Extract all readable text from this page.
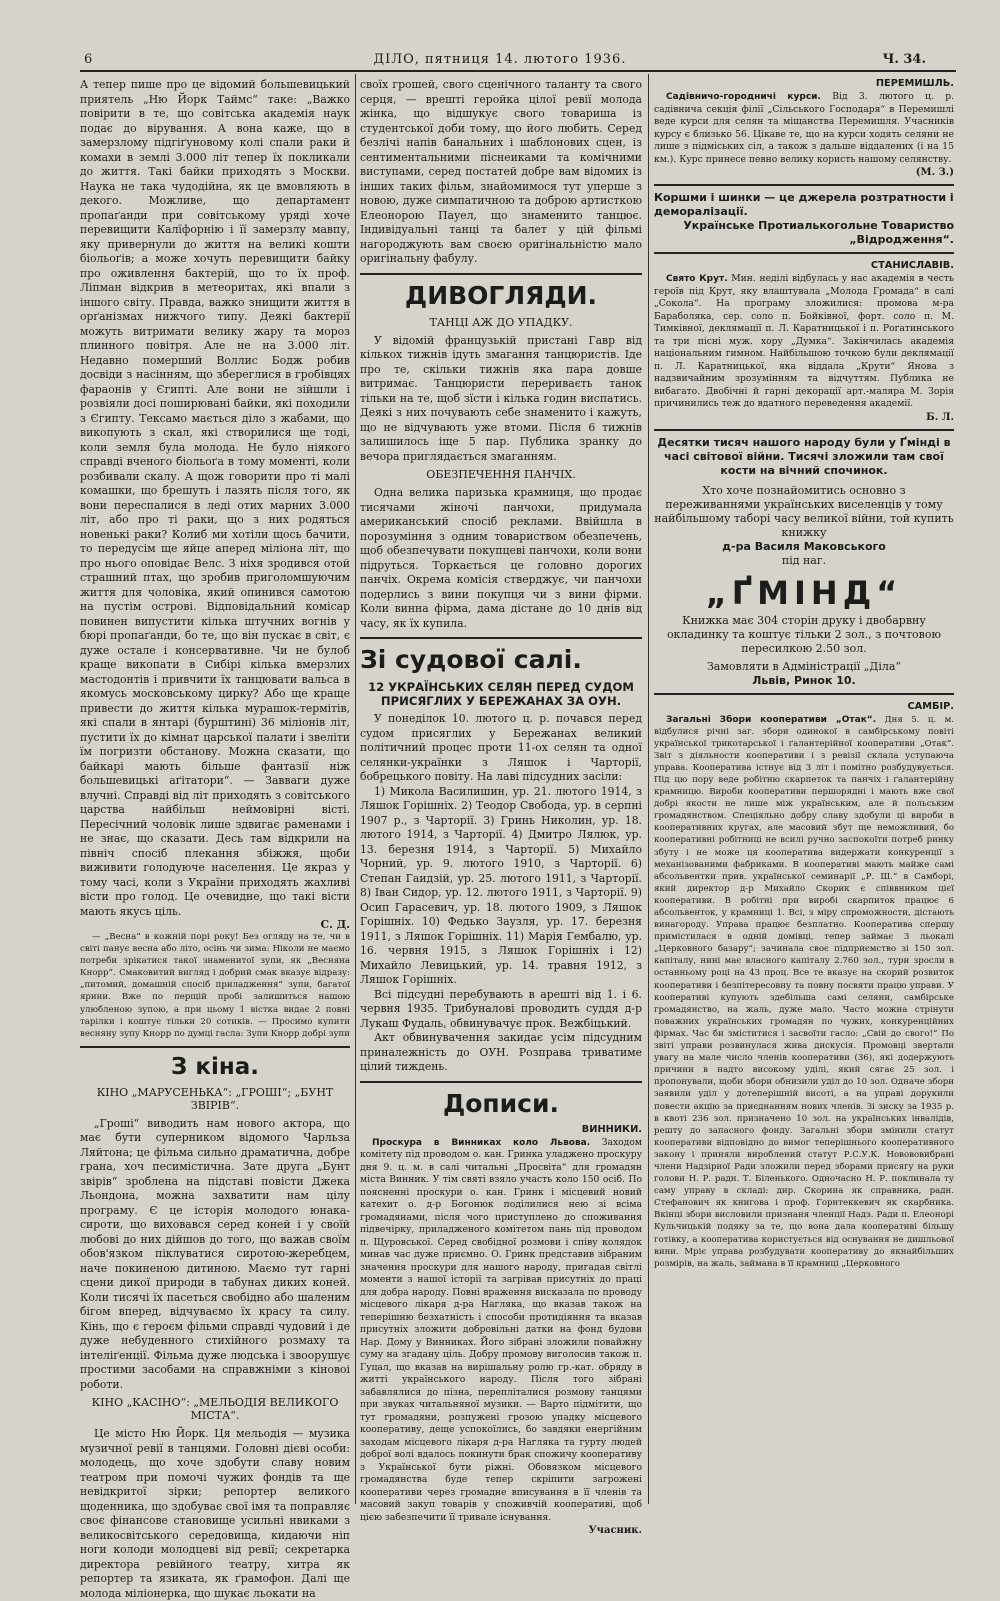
6	ДІЛО, пятниця 14. лютого 1936.	Ч. 34.

А тепер пише про це відомий большевицький приятель „Ню Йорк Таймс“ таке: „Важко повірити в те, що совітська академія наук подає до вірування. А вона каже, що в замерзлому підгіґуновому колі спали раки й комахи в землі 3.000 літ тепер їх покликали до життя. Такі байки приходять з Москви. Наука не така чудодійна, як це вмовляють в декого. Можливе, що департамент пропаґанди при совітському уряді хоче перевищити Калїфорнію і її замерзлу мавпу, яку привернули до життя на великі кошти біольоґів; а може хочуть перевищити байку про оживлення бактерій, що то їх проф. Ліпман відкрив в метеоритах, які впали з іншого світу. Правда, важко знищити життя в орґанізмах нижчого типу. Деякі бактерії можуть витримати велику жару та мороз плинного повітря. Але не на 3.000 літ. Недавно померший Воллис Бодж робив досвіди з насінням, що збереглися в гробівцях фараонів у Єгипті. Але вони не зійшли і розвіяли досі поширювані байки, які походили з Єгипту. Тексамо мається діло з жабами, що викопують з скал, які створилися ще тоді, коли земля була молода. Не було ніякого справді вченого біольоґа в тому моменті, коли розбивали скалу. А щож говорити про ті малі комашки, що брешуть і лазять після того, як вони переспалися в леді отих марних 3.000 літ, або про ті раки, що з них родяться новенькі раки? Колиб ми хотіли щось бачити, то передусім ще яйце аперед міліона літ, що про нього оповідає Велс. З ніхя зродився отой страшний птах, що зробив приголомшуючим життя для чоловіка, який опинився самотою на пустім острові. Відповідальний комісар повинен випустити кілька штучних вогнів у бюрі пропаґанди, бо те, що він пускає в світ, є дуже остале і консервативне. Чи не булоб краще викопати в Сибірі кілька вмерзлих мастодонтів і привчити їх танцювати вальса в якомусь московському цирку? Або ще краще привести до життя кілька мурашок-термітів, які спали в янтарі (бурштині) 36 міліонів літ, пустити їх до кімнат царської палати і звеліти їм погризти обстанову. Можна сказати, що байкарі мають більше фантазії ніж большевицькі аґітатори“. — Завваги дуже влучні. Справді від літ приходять з совітського царства найбільш неймовірні вісті. Пересічний чоловік лише здвигає раменами і не знає, що сказати. Десь там відкрили на північ спосіб плекання збіжжя, щоби виживити голодуюче населення. Це якраз у тому часі, коли з України приходять жахливі вісти про голод. Це очевидне, що такі вісти мають якусь ціль.

С. Д.

— „Весна“ в кожній порі року! Без огляду на те, чи в світі панує весна або літо, осінь чи зима: Ніколи не маємо потреби зрікатися такої знаменитої зупи, як „Весняна Кнорр“. Смаковитий вигляд і добрий смак вказує відразу: „питомий, домашній спосіб приладження“ зупи, багатої ярини. Вже по перщій пробі залишиться нашою улюбленою зупою, а при цьому 1 вістка видає 2 повні тарілки і коштує тільки 20 сотиків. — Просимо купити весняну зупу Кнорр по думці гасла: Зупи Кнорр добрі зупи

З кіна.
КІНО „МАРУСЕНЬКА“: „ГРОШІ“; „БУНТ ЗВІРІВ“.

„Гроші“ виводить нам нового актора, що має бути суперником відомого Чарльза Ляйтона; це фільма сильно драматична, добре грана, хоч песимістична. Зате друга „Бунт звірів“ зроблена на підставі повісти Джека Льондона, можна захватити нам цілу програму. Є це історія молодого юнака-сироти, що виховався серед коней і у своїй любові до них дійшов до того, що важав своїм обов'язком піклуватися сиротою-жеребцем, наче покиненою дитиною. Маємо тут гарні сцени дикої природи в табунах диких коней. Коли тисячі їх пасеться свобідно або шаленим бігом вперед, відчуваємо їх красу та силу. Кінь, що є героєм фільми справді чудовий і де дуже небуденного стихійного розмаху та інтеліґенції. Фільма дуже людська і звоорушує простими засобами на справжніми з кіновоі роботи.

КІНО „КАСІНО“: „МЕЛЬОДІЯ ВЕЛИКОГО МІСТА“.

Це місто Ню Йорк. Ця мельодія — музика музичної ревії в танцями. Головні дієві особи: молодець, що хоче здобути славу новим театром при помочі чужих фондів та ще невідкритої зірки; репортер великого щоденника, що здобуває свої імя та поправляє своє фінансове становище усильні нвиками з великосвітського середовища, кидаючи ніп ноги колоди молодцеві від ревії; секретарка директора ревійного театру, хитра як репортер та язиката, як ґрамофон. Далі ще молода міліонерка, що шукає льокати на

своїх грошей, свого сценічного таланту та свого серця, — врешті геройка цілої ревії молода жінка, що відшукує свого товариша із студентської доби тому, що його любить. Серед безлічі напів банальних і шаблонових сцен, із сентиментальними піснеиками та комічними виступами, серед постатей добре вам відомих із інших таких фільм, знайомимося тут уперше з новою, дуже симпатичною та доброю артисткою Елеонорою Пауел, що знаменито танцює. Індивідуальні танці та балет у цій фільмі нагороджують вам своєю оригінальністю мало оригінальну фабулу.

ДИВОГЛЯДИ.
ТАНЦІ АЖ ДО УПАДКУ.

У відомій французькій пристані Гавр від кількох тижнів ідуть змагання танцюристів. Іде про те, скільки тижнів яка пара довше витримає. Танцюристи перериваєть танок тільки на те, щоб зїсти і кілька годин виспатись. Деякі з них почувають себе знаменито і кажуть, що не відчувають уже втоми. Після 6 тижнів залишилось іще 5 пар. Публика зранку до вечора приглядається змаганням.

ОБЕЗПЕЧЕННЯ ПАНЧІХ.

Одна велика паризька крамниця, що продає тисячами жіночі панчохи, придумала американський спосіб реклами. Ввійшла в порозуміння з одним товариством обезпечень, щоб обезпечувати покупцеві панчохи, коли вони підруться. Торкається це головно дорогих панчіх. Окрема комісія стверджує, чи панчохи подерлись з вини покупця чи з вини фірми. Коли винна фірма, дама дістане до 10 днів від часу, як їх купила.

Зі судової салі.
12 УКРАЇНСЬКИХ СЕЛЯН ПЕРЕД СУДОМ ПРИСЯГЛИХ У БЕРЕЖАНАХ ЗА ОУН.

У понеділок 10. лютого ц. р. почався перед судом присяглих у Бережанах великий політичний процес проти 11-ох селян та одної селянки-українки з Ляшок і Чарторії, бобрецького повіту. На лаві підсудних засіли:

1) Микола Василишин, ур. 21. лютого 1914, з Ляшок Горішніх. 2) Теодор Свобода, ур. в серпні 1907 р., з Чарторії. 3) Гринь Николин, ур. 18. лютого 1914, з Чарторії. 4) Дмитро Лялюк, ур. 13. березня 1914, з Чарторії. 5) Михайло Чорний, ур. 9. лютого 1910, з Чарторії. 6) Степан Гаидзій, ур. 25. лютого 1911, з Чарторії. 8) Іван Сидор, ур. 12. лютого 1911, з Чарторії. 9) Осип Гарасевич, ур. 18. лютого 1909, з Ляшок Горішніх. 10) Федько Заузля, ур. 17. березня 1911, з Ляшок Горішніх. 11) Марія Гембалю, ур. 16. червня 1915, з Ляшок Горішніх і 12) Михайло Левицький, ур. 14. травня 1912, з Ляшок Горішніх.

Всі підсудні перебувають в арешті від 1. і 6. червня 1935. Трибуналові проводить суддя д-р Лукаш Фудаль, обвинувачує прок. Вежбіцький.

Акт обвинувачення закидає усім підсудним приналежність до ОУН. Розправа триватиме цілий тиждень.

Дописи.
ВИННИКИ.

Проскура в Винниках коло Львова. Заходом комітету під проводом о. кан. Гринка уладжено проскуру дня 9. ц. м. в салі читальні „Просвіта“ для громадян міста Винник. У тім святі взяло участь коло 150 осіб. По поясненні проскури о. кан. Гринк і місцевий новий катехит о. д-р Богонюк поділилися нею зі всіма громадянами, після чого приступлено до споживання підвечірку, приладженого комітетом пань під проводом п. Щуровської. Серед свобідної розмови і співу колядок минав час дуже приємно. О. Гринк представив зібраним значення проскури для нашого народу, пригадав світлі моменти з нашої історії та загрівав присутніх до праці для добра народу. Повні враження висказала по проводу місцевого лікаря д-ра Нагляка, що вказав також на теперішню безхатність і способи протидіяння та вказав присутніх зложити добровільні датки на фонд будови Нар. Дому у Винниках. Його зібрані зложили повайжну суму на згадану ціль. Добру промову виголосив також п. Гуцал, що вказав на вирішальну ролю гр.-кат. обряду в житті українського народу. Після того зібрані забавлялися до пізна, перепліталися розмову танцями при звуках читальняної музики. — Варто підмітити, що тут громадяни, розпужені грозою упадку місцевого кооперативу, деще успокоїлись, бо завдяки енергійним заходам місцевого лікаря д-ра Нагляка та гурту людей доброї волі вдалось покинути брак спожичу кооперативу з Української бути ріжні. Обовязком місцевого громадянства буде тепер скріпити загрожені кооперативи через громадне вписування в її членів та масовий закуп товарів у споживчій кооперативі, щоб цією забезпечити її тривале існування.

Учасник.
ПЕРЕМИШЛЬ.

Садівничо-городничі курси. Від 3. лютого ц. р. садівнича секція філії „Сільського Господаря“ в Перемишлі веде курси для селян та міщанства Перемишля. Учасників курсу є близько 56. Цікаве те, що на курси ходять селяни не лише з підміських сіл, а також з дальше віддалених (і на 15 км.). Курс принесе певно велику користь нашому селянству.

(М. З.)
Коршми і шинки — це джерела розтратности і деморалізації.
Українське Протиалькогольне Товариство „Відродження“.
СТАНИСЛАВІВ.

Свято Крут. Мин. неділі відбулась у нас академія в честь героїв під Крут, яку влаштувала „Молода Громада“ в салі „Сокола“. На програму зложилися: промова м-ра Бараболяка, сер. соло п. Бойківної, форт. соло п. М. Тимківної, деклямації п. Л. Каратницької і п. Рогатинського та три пісні муж. хору „Думка“. Закінчилась академія національним гимном. Найбільшою точкою були деклямації п. Л. Каратницької, яка віддала „Крути“ Янова з надзвичайним зрозумінням та відчуттям. Публика не вибагато. Двобічні й гарні декорації арт.-маляра М. Зорія причинились теж до вдатного переведення академії.

Б. Л.
Десятки тисяч нашого народу були у Ґмінді в часі світової війни. Тисячі зложили там свої кости на вічний спочинок.

Хто хоче познайомитись основно з переживаннями українських виселенців у тому найбільшому таборі часу великої війни, той купить книжку

д-ра Василя Маковського
під наг.
„ҐМІНД“

Книжка має 304 сторін друку і двобарвну окладинку та коштує тільки 2 зол., з почтовою пересилкою 2.50 зол.

Замовляти в Адміністрації „Діла“
Львів, Ринок 10.
САМБІР.

Загальні Збори кооперативи „Отак“. Дня 5. ц. м. відбулися річні заг. збори одинокої в самбірському повіті української трикотарської і ґалантерійної кооперативи „Отак“. Звіт з діяльности кооперативи і з ревізії склала уступаюча управа. Кооператива істнує від 3 літ і помітно розбудувується. Під цю пору веде робітню скарпеток та панчіх і ґалантерійну крамницю. Вироби кооперативи першорядні і мають вже свої добрі якости не лише між українським, але й польським громадянством. Спеціяльно добру славу здобули ці вироби в кооперативних кругах, але масовий збут ще неможливий, бо кооперативні робітниці не всилі ручно заспокоїти потреб ринку збуту і не може ця кооператива видержати конкуренції з механізованими фабриками. В кооперативі мають майже самі абсольвентки прив. української семинарії „Р. Ш.“ в Самборі, який директор д-р Михайло Скорик є співвником цієї кооперативи. В робітні при виробі скарпиток працює 6 абсольвенток, у крамниці 1. Всі, з міру спроможности, дістають винагороду. Управа працює безплатно. Кооператива спершу примістилася в одній домівці, тепер займає 3 льокалі „Церковного базару“; зачинала своє підприємство зі 150 зол. капіталу, нині має власного капіталу 2.760 зол., тури зросли в останньому році на 43 проц. Все те вказує на скорий розвиток кооперативи і безпітересовну та повну посвяти працю управи. У кооперативі купують здебільша самі селяни, самбірське громадянство, на жаль, дуже мало. Часто можна стрінути поважних українських громадян по чужих, конкуренційних фірмах. Час би зміститися і засвоїти гасло: „Свій до свого!“ По звіті управи розвинулася жива дискусія. Промовці звертали увагу на мале число членів кооперативи (36), які додержують причини в надто високому уділі, який сягає 25 зол. і пропонували, щоби збори обнизили уділ до 10 зол. Одначе збори заявили уділ у дотеперішній висоті, а на управі дорукили повести акцію за приєднанням нових членів. Зі зиску за 1935 р. в квоті 236 зол. призначено 10 зол. на українських інвалідів, решту до запасного фонду. Загальні збори змінили статут кооперативи відповідно до вимог теперішнього кооперативного закону і приняли вироблений статут Р.С.У.К. Новововибрані члени Надзірної Ради зложили перед зборами присягу на руки голови Н. Р. радн. Т. Біленького. Одночасно Н. Р. поклинала ту саму управу в складі: дир. Скорина як справника, радн. Стефанович як книгова і проф. Горнтеккевич як скарбника. Вкінці збори висловили признаня членції Надз. Ради п. Елеонорі Кульчицькій подяку за те, що вона дала кооперативі більшу готівку, а кооператива користується від оснування не дишльової вини. Мріє управа розбудувати кооперативу до якнайбільших розмірів, на жаль, займана в її крамниці „Церковного
